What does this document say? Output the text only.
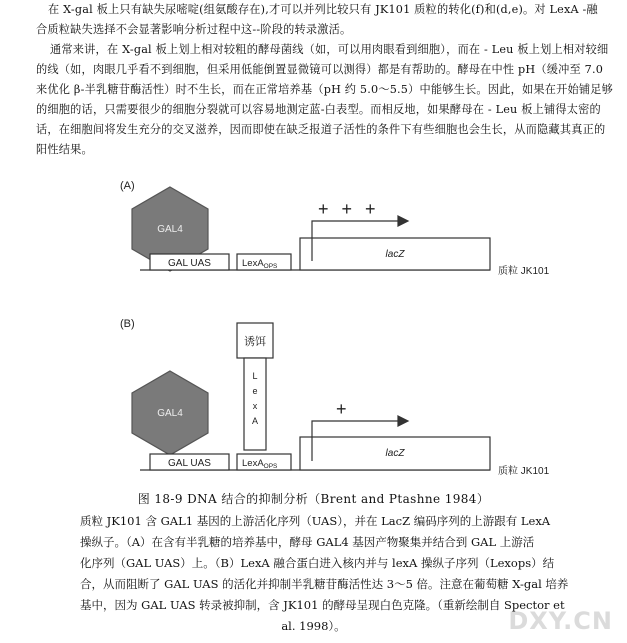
在 X-gal 板上只有缺失尿嘧啶(组氨酸存在),才可以并列比较只有 JK101 质粒的转化(f)和(d,e)。对 LexA -融
合质粒缺失选择不会显著影响分析过程中这--阶段的转录激活。
通常来讲，在 X-gal 板上划上相对较粗的酵母菌线（如，可以用肉眼看到细胞），而在 - Leu 板上划上相对较细
的线（如，肉眼几乎看不到细胞，但采用低能倒置显微镜可以测得）都是有帮助的。酵母在中性 pH（缓冲至 7.0
来优化 β-半乳糖苷酶活性）时不生长，而在正常培养基（pH 约 5.0～5.5）中能够生长。因此，如果在开始铺足够
的细胞的话，只需要很少的细胞分裂就可以容易地测定蓝-白表型。而相反地，如果酵母在 - Leu 板上铺得太密的
话，在细胞间将发生充分的交叉滋养，因而即使在缺乏报道子活性的条件下有些细胞也会生长，从而隐藏其真正的
阳性结果。
(A)
GAL4
+ + +
GAL UAS	LexA$_{OPS}$
lacZ
质粒 JK101
(B)
诱饵
L
e
x
A
GAL4	+
GAL UAS	LexA$_{OPS}$
lacZ
质粒 JK101
图 18-9 DNA 结合的抑制分析（Brent and Ptashne 1984）
质粒 JK101 含 GAL1 基因的上游活化序列（UAS），并在 LacZ 编码序列的上游跟有 LexA
操纵子。（A）在含有半乳糖的培养基中，酵母 GAL4 基因产物聚集并结合到 GAL 上游活
化序列（GAL UAS）上。（B）LexA 融合蛋白进入核内并与 lexA 操纵子序列（Lexops）结
合，从而阻断了 GAL UAS 的活化并抑制半乳糖苷酶活性达 3～5 倍。注意在葡萄糖 X-gal 培养
基中，因为 GAL UAS 转录被抑制，含 JK101 的酵母呈现白色克隆。（重新绘制自 Spector et
al. 1998）。	DXY.CN
